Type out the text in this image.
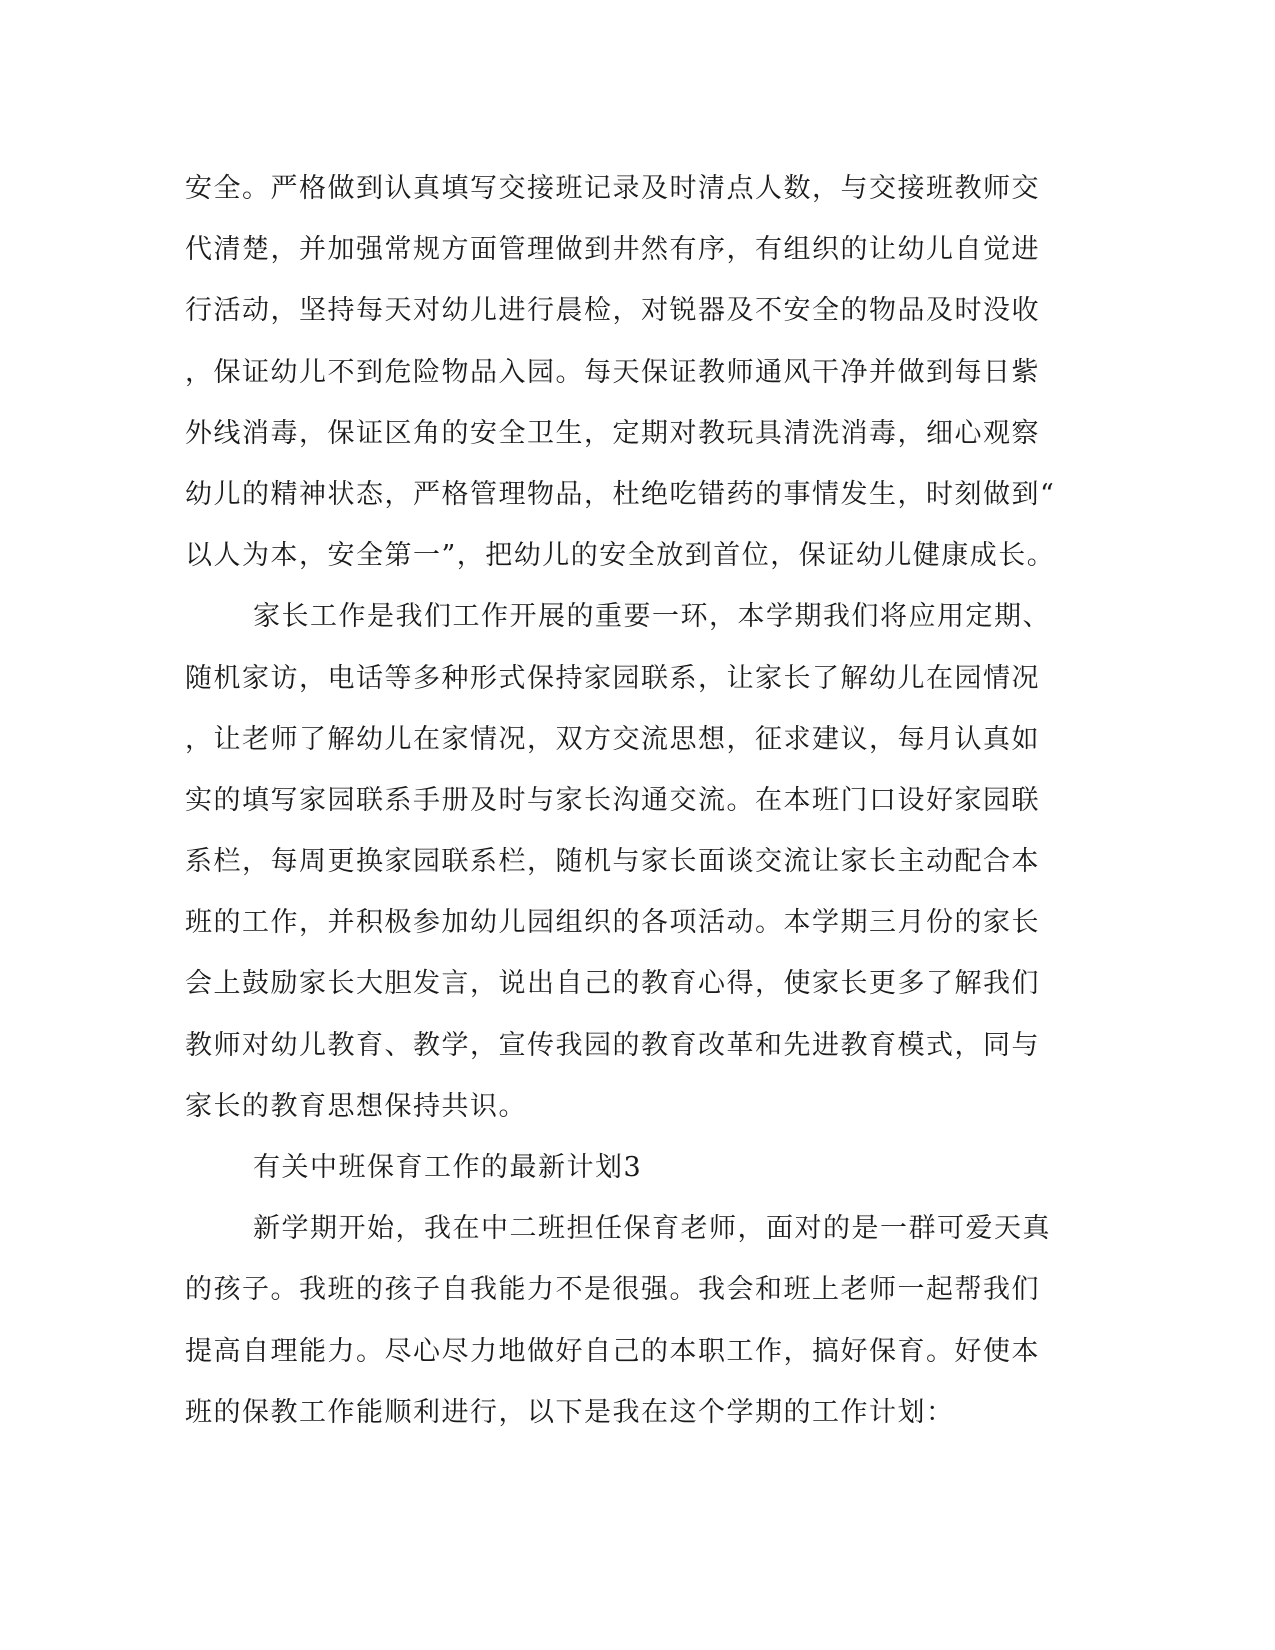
安全。严格做到认真填写交接班记录及时清点人数，与交接班教师交
代清楚，并加强常规方面管理做到井然有序，有组织的让幼儿自觉进
行活动，坚持每天对幼儿进行晨检，对锐器及不安全的物品及时没收
，保证幼儿不到危险物品入园。每天保证教师通风干净并做到每日紫
外线消毒，保证区角的安全卫生，定期对教玩具清洗消毒，细心观察
幼儿的精神状态，严格管理物品，杜绝吃错药的事情发生，时刻做到“
以人为本，安全第一”，把幼儿的安全放到首位，保证幼儿健康成长。
家长工作是我们工作开展的重要一环，本学期我们将应用定期、
随机家访，电话等多种形式保持家园联系，让家长了解幼儿在园情况
，让老师了解幼儿在家情况，双方交流思想，征求建议，每月认真如
实的填写家园联系手册及时与家长沟通交流。在本班门口设好家园联
系栏，每周更换家园联系栏，随机与家长面谈交流让家长主动配合本
班的工作，并积极参加幼儿园组织的各项活动。本学期三月份的家长
会上鼓励家长大胆发言，说出自己的教育心得，使家长更多了解我们
教师对幼儿教育、教学，宣传我园的教育改革和先进教育模式，同与
家长的教育思想保持共识。
有关中班保育工作的最新计划3
新学期开始，我在中二班担任保育老师，面对的是一群可爱天真
的孩子。我班的孩子自我能力不是很强。我会和班上老师一起帮我们
提高自理能力。尽心尽力地做好自己的本职工作，搞好保育。好使本
班的保教工作能顺利进行，以下是我在这个学期的工作计划：
